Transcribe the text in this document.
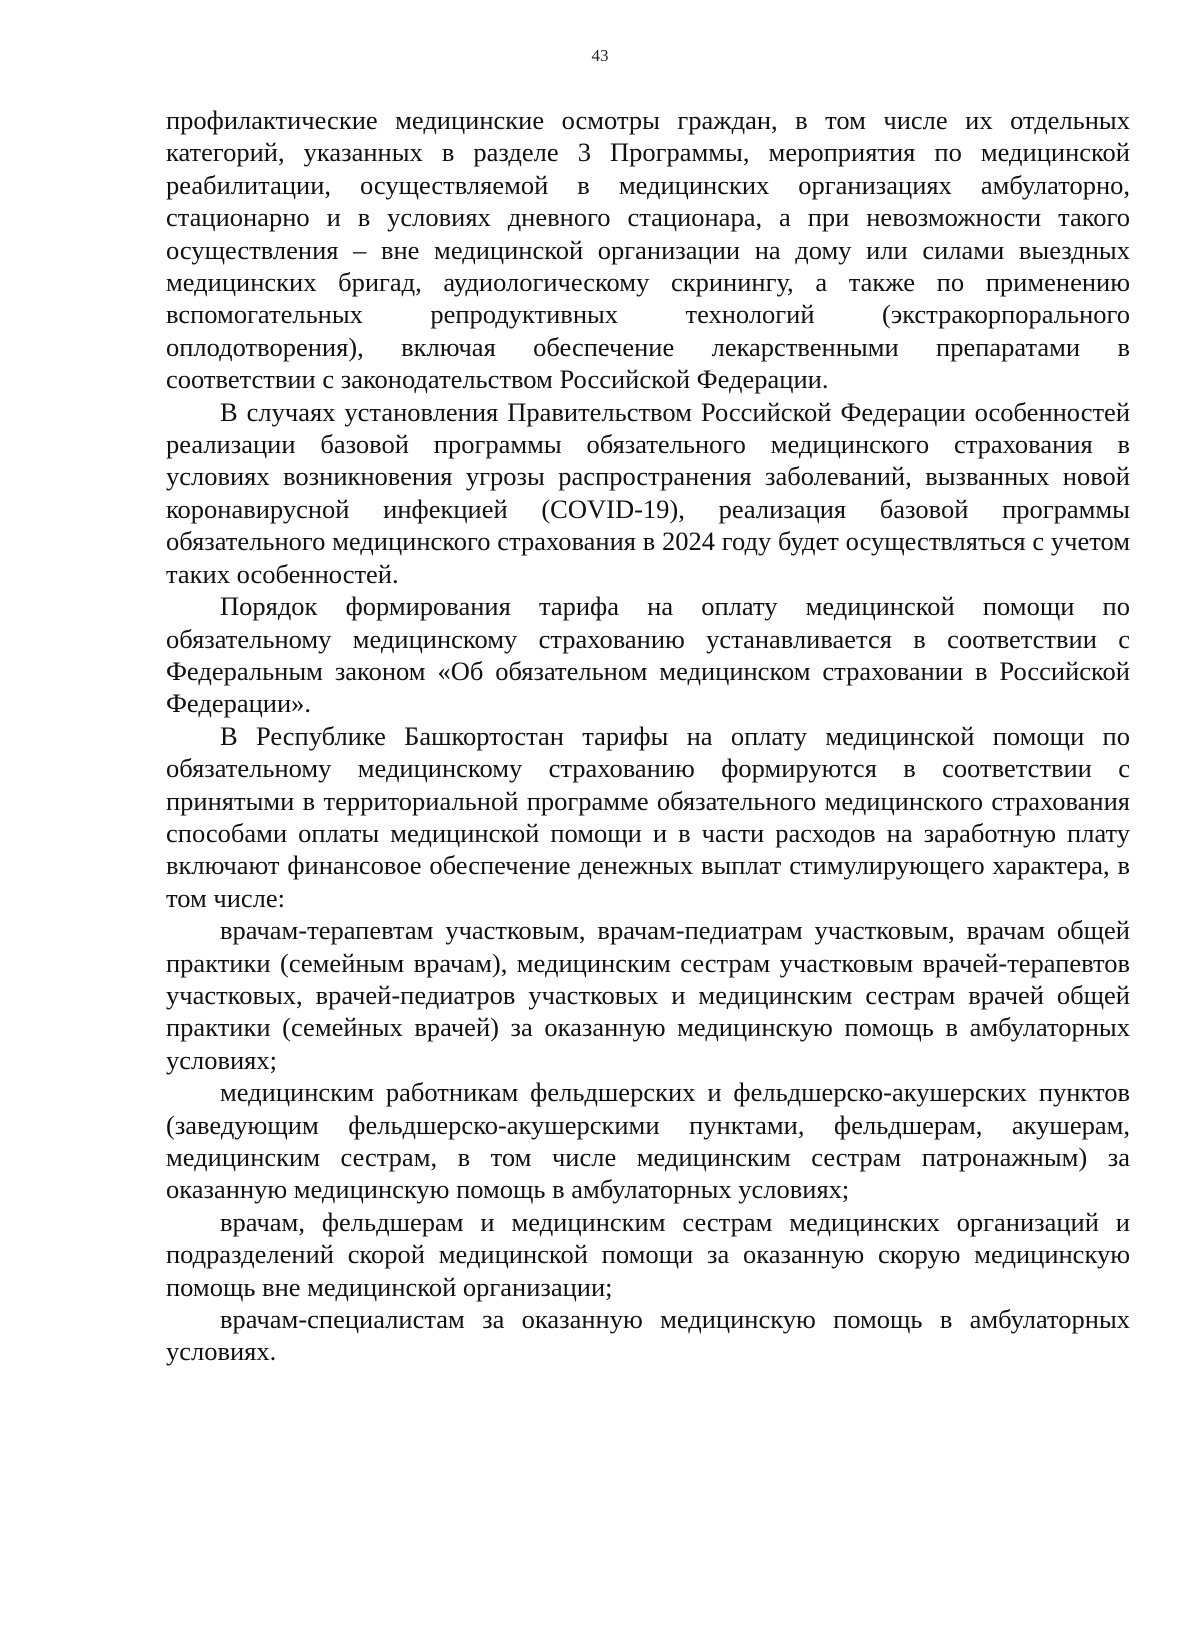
43

профилактические медицинские осмотры граждан, в том числе их отдельных категорий, указанных в разделе 3 Программы, мероприятия по медицинской реабилитации, осуществляемой в медицинских организациях амбулаторно, стационарно и в условиях дневного стационара, а при невозможности такого осуществления – вне медицинской организации на дому или силами выездных медицинских бригад, аудиологическому скринингу, а также по применению вспомогательных репродуктивных технологий (экстракорпорального оплодотворения), включая обеспечение лекарственными препаратами в соответствии с законодательством Российской Федерации.

В случаях установления Правительством Российской Федерации особенностей реализации базовой программы обязательного медицинского страхования в условиях возникновения угрозы распространения заболеваний, вызванных новой коронавирусной инфекцией (COVID-19), реализация базовой программы обязательного медицинского страхования в 2024 году будет осуществляться с учетом таких особенностей.

Порядок формирования тарифа на оплату медицинской помощи по обязательному медицинскому страхованию устанавливается в соответствии с Федеральным законом «Об обязательном медицинском страховании в Российской Федерации».

В Республике Башкортостан тарифы на оплату медицинской помощи по обязательному медицинскому страхованию формируются в соответствии с принятыми в территориальной программе обязательного медицинского страхования способами оплаты медицинской помощи и в части расходов на заработную плату включают финансовое обеспечение денежных выплат стимулирующего характера, в том числе:

врачам-терапевтам участковым, врачам-педиатрам участковым, врачам общей практики (семейным врачам), медицинским сестрам участковым врачей-терапевтов участковых, врачей-педиатров участковых и медицинским сестрам врачей общей практики (семейных врачей) за оказанную медицинскую помощь в амбулаторных условиях;

медицинским работникам фельдшерских и фельдшерско-акушерских пунктов (заведующим фельдшерско-акушерскими пунктами, фельдшерам, акушерам, медицинским сестрам, в том числе медицинским сестрам патронажным) за оказанную медицинскую помощь в амбулаторных условиях;

врачам, фельдшерам и медицинским сестрам медицинских организаций и подразделений скорой медицинской помощи за оказанную скорую медицинскую помощь вне медицинской организации;

врачам-специалистам за оказанную медицинскую помощь в амбулаторных условиях.
